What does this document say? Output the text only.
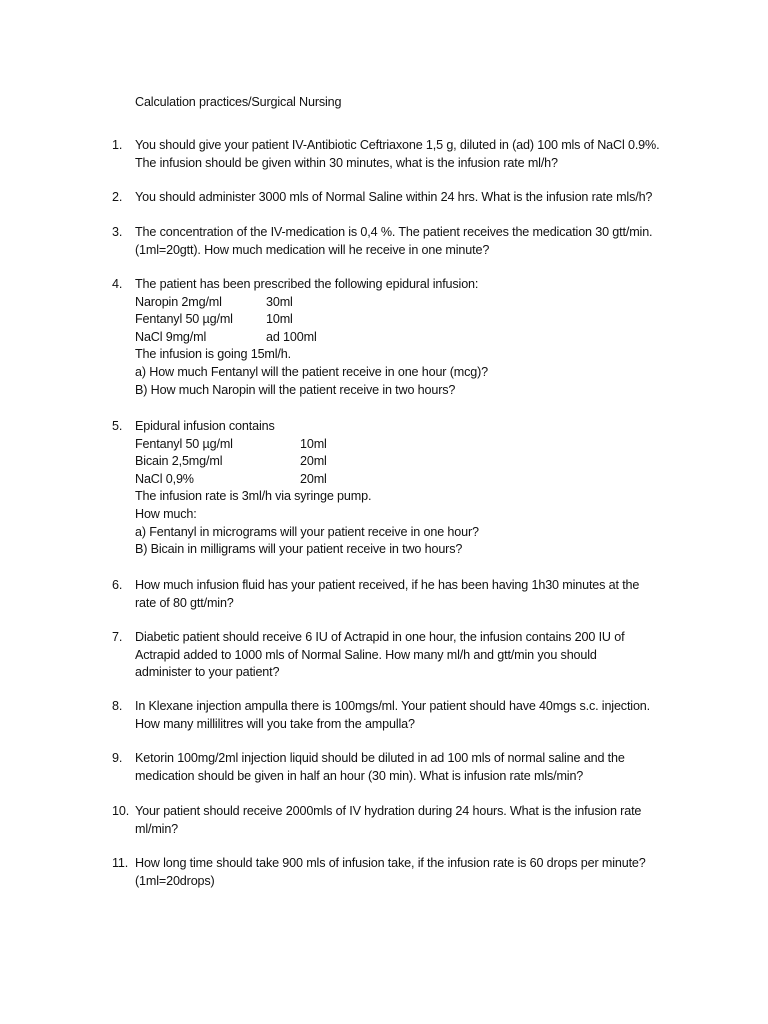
Calculation practices/Surgical Nursing
1.	You should give your patient IV-Antibiotic Ceftriaxone 1,5 g, diluted in (ad) 100 mls of NaCl 0.9%.
The infusion should be given within 30 minutes, what is the infusion rate ml/h?
2.	You should administer 3000 mls of Normal Saline within 24 hrs. What is the infusion rate mls/h?
3.	The concentration of the IV-medication is 0,4 %. The patient receives the medication 30 gtt/min.
(1ml=20gtt). How much medication will he receive in one minute?
4.	The patient has been prescribed the following epidural infusion:
Naropin 2mg/ml	30ml
Fentanyl 50 µg/ml	10ml
NaCl 9mg/ml	ad 100ml
The infusion is going 15ml/h.
a) How much Fentanyl will the patient receive in one hour (mcg)?
B) How much Naropin will the patient receive in two hours?
5.	Epidural infusion contains
Fentanyl 50 µg/ml	10ml
Bicain 2,5mg/ml	20ml
NaCl 0,9%	20ml
The infusion rate is 3ml/h via syringe pump.
How much:
a) Fentanyl in micrograms will your patient receive in one hour?
B) Bicain in milligrams will your patient receive in two hours?
6.	How much infusion fluid has your patient received, if he has been having 1h30 minutes at the
rate of 80 gtt/min?
7.	Diabetic patient should receive 6 IU of Actrapid in one hour, the infusion contains 200 IU of
Actrapid added to 1000 mls of Normal Saline. How many ml/h and gtt/min you should
administer to your patient?
8.	In Klexane injection ampulla there is 100mgs/ml. Your patient should have 40mgs s.c. injection.
How many millilitres will you take from the ampulla?
9.	Ketorin 100mg/2ml injection liquid should be diluted in ad 100 mls of normal saline and the
medication should be given in half an hour (30 min). What is infusion rate mls/min?
10. Your patient should receive 2000mls of IV hydration during 24 hours. What is the infusion rate
ml/min?
11. How long time should take 900 mls of infusion take, if the infusion rate is 60 drops per minute?
(1ml=20drops)
